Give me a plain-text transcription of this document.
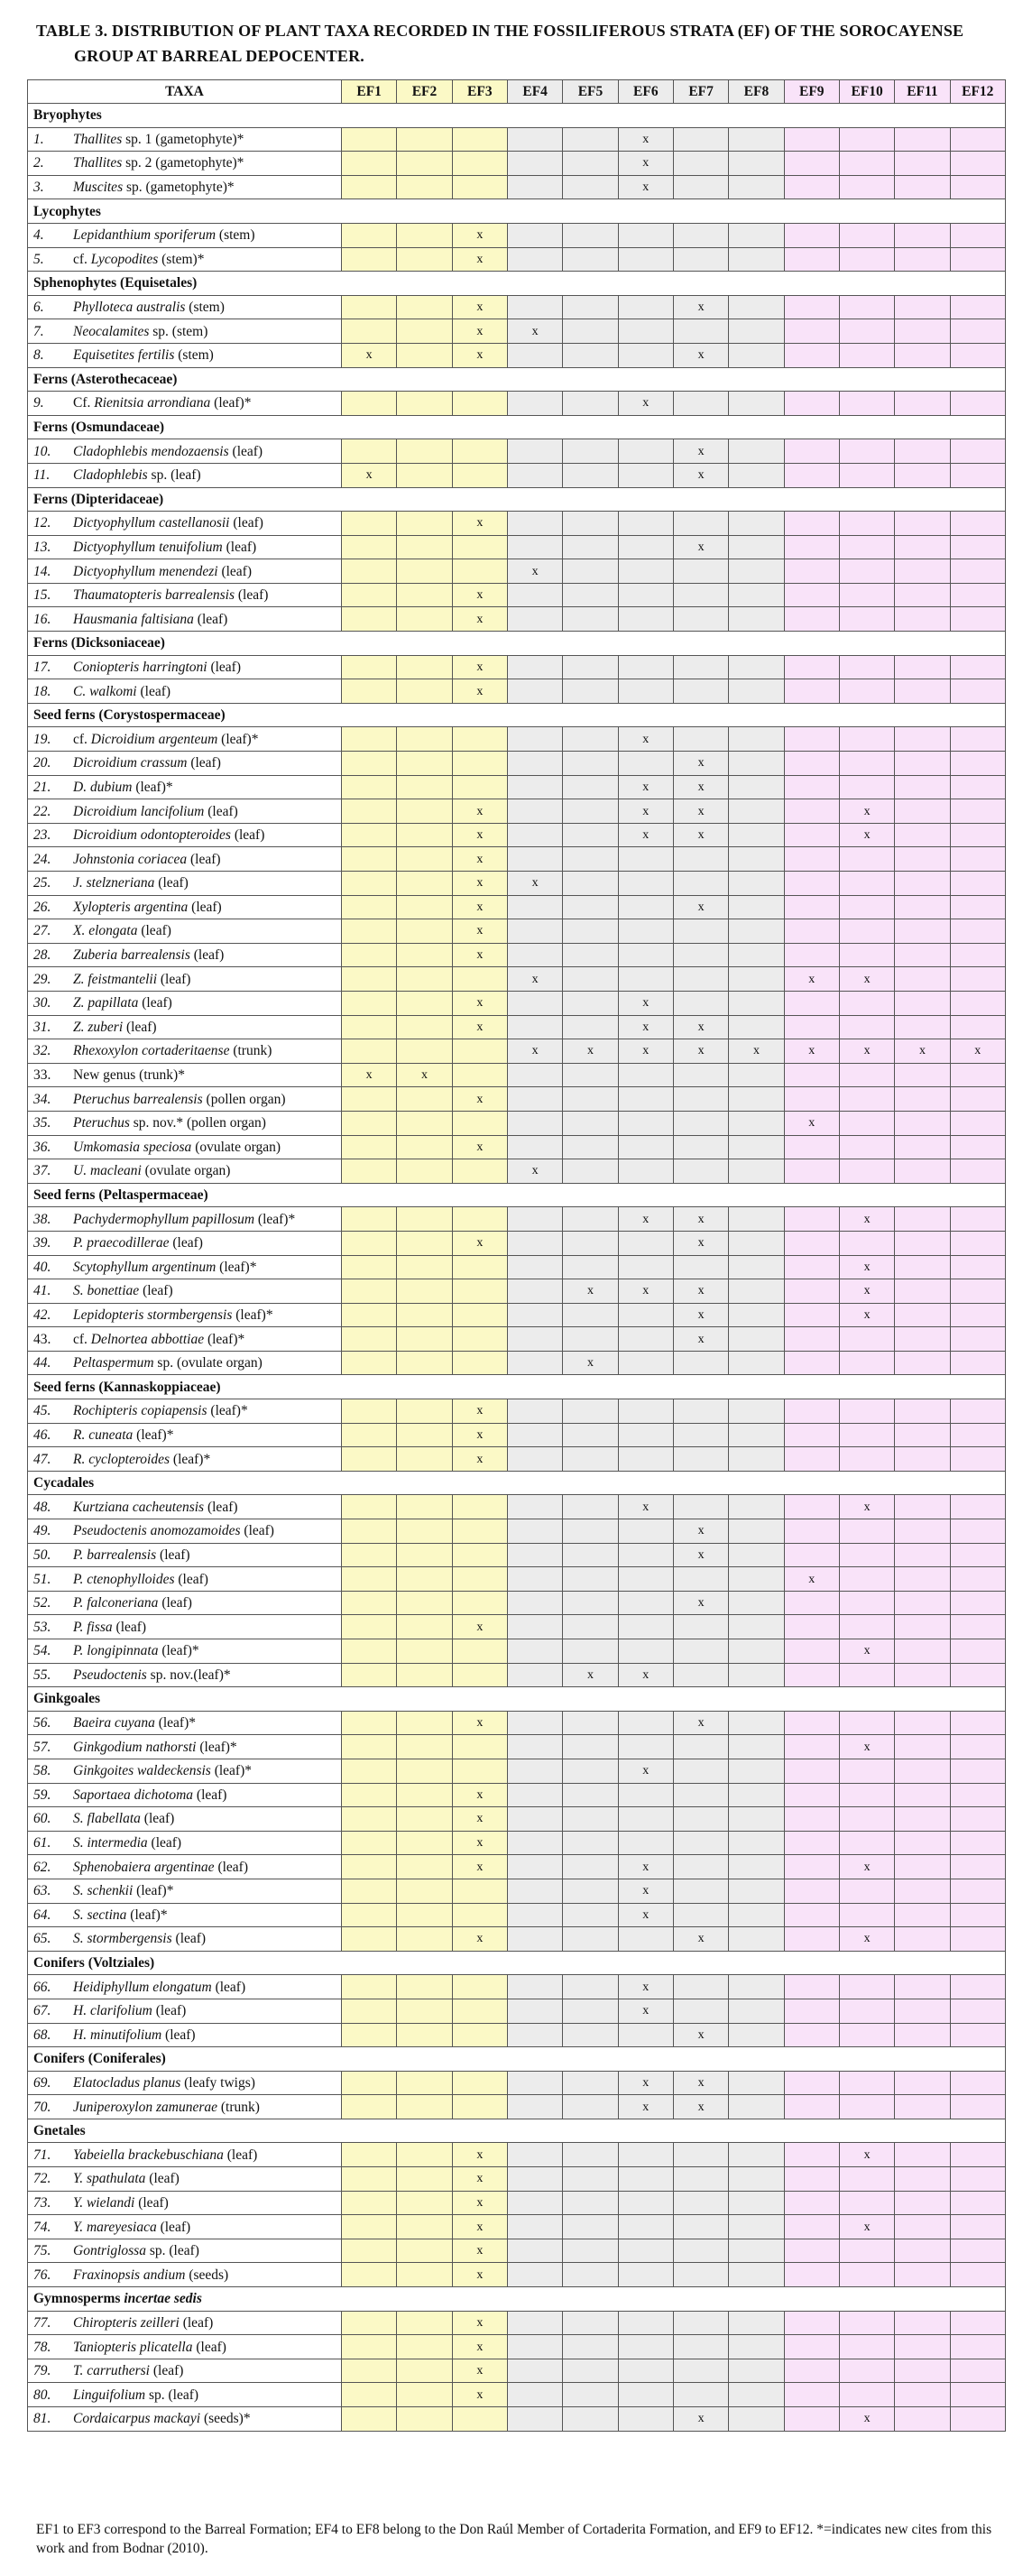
TABLE 3. DISTRIBUTION OF PLANT TAXA RECORDED IN THE FOSSILIFEROUS STRATA (EF) OF THE SOROCAYENSE
GROUP AT BARREAL DEPOCENTER.
TAXA	EF1	EF2	EF3	EF4	EF5	EF6	EF7	EF8	EF9	EF10	EF11	EF12
Bryophytes												
1. Thallites sp. 1 (gametophyte)*						x						
2. Thallites sp. 2 (gametophyte)*						x						
3. Muscites sp. (gametophyte)*						x						
Lycophytes												
4. Lepidanthium sporiferum (stem)			x									
5. cf. Lycopodites (stem)*			x									
Sphenophytes (Equisetales)												
6. Phylloteca australis (stem)			x				x					
7. Neocalamites sp. (stem)			x	x								
8. Equisetites fertilis (stem)	x		x				x					
Ferns (Asterothecaceae)												
9. Cf. Rienitsia arrondiana (leaf)*						x						
Ferns (Osmundaceae)												
10. Cladophlebis mendozaensis (leaf)							x					
11. Cladophlebis sp. (leaf)	x						x					
Ferns (Dipteridaceae)												
12. Dictyophyllum castellanosii (leaf)			x									
13. Dictyophyllum tenuifolium (leaf)							x					
14. Dictyophyllum menendezi (leaf)				x								
15. Thaumatopteris barrealensis (leaf)			x									
16. Hausmania faltisiana (leaf)			x									
Ferns (Dicksoniaceae)												
17. Coniopteris harringtoni (leaf)			x									
18. C. walkomi (leaf)			x									
Seed ferns (Corystospermaceae)												
19. cf. Dicroidium argenteum (leaf)*						x						
20. Dicroidium crassum (leaf)							x					
21. D. dubium (leaf)*						x	x					
22. Dicroidium lancifolium (leaf)			x			x	x			x		
23. Dicroidium odontopteroides (leaf)			x			x	x			x		
24. Johnstonia coriacea (leaf)			x									
25. J. stelzneriana (leaf)			x	x								
26. Xylopteris argentina (leaf)			x				x					
27. X. elongata (leaf)			x									
28. Zuberia barrealensis (leaf)			x									
29. Z. feistmantelii (leaf)				x					x	x		
30. Z. papillata (leaf)			x			x						
31. Z. zuberi (leaf)			x			x	x					
32. Rhexoxylon cortaderitaense (trunk)				x	x	x	x	x	x	x	x	x
33. New genus (trunk)*	x	x										
34. Pteruchus barrealensis (pollen organ)			x									
35. Pteruchus sp. nov.* (pollen organ)									x			
36. Umkomasia speciosa (ovulate organ)			x									
37. U. macleani (ovulate organ)				x								
Seed ferns (Peltaspermaceae)												
38. Pachydermophyllum papillosum (leaf)*						x	x			x		
39. P. praecodillerae (leaf)			x				x					
40. Scytophyllum argentinum (leaf)*										x		
41. S. bonettiae (leaf)					x	x	x			x		
42. Lepidopteris stormbergensis (leaf)*							x			x		
43. cf. Delnortea abbottiae (leaf)*							x					
44. Peltaspermum sp. (ovulate organ)					x							
Seed ferns (Kannaskoppiaceae)												
45. Rochipteris copiapensis (leaf)*			x									
46. R. cuneata (leaf)*			x									
47. R. cyclopteroides (leaf)*			x									
Cycadales												
48. Kurtziana cacheutensis (leaf)						x				x		
49. Pseudoctenis anomozamoides (leaf)							x					
50. P. barrealensis (leaf)							x					
51. P. ctenophylloides (leaf)									x			
52. P. falconeriana (leaf)							x					
53. P. fissa (leaf)			x									
54. P. longipinnata (leaf)*										x		
55. Pseudoctenis sp. nov.(leaf)*					x	x						
Ginkgoales												
56. Baeira cuyana (leaf)*			x				x					
57. Ginkgodium nathorsti (leaf)*										x		
58. Ginkgoites waldeckensis (leaf)*						x						
59. Saportaea dichotoma (leaf)			x									
60. S. flabellata (leaf)			x									
61. S. intermedia (leaf)			x									
62. Sphenobaiera argentinae (leaf)			x			x				x		
63. S. schenkii (leaf)*						x						
64. S. sectina (leaf)*						x						
65. S. stormbergensis (leaf)			x				x			x		
Conifers (Voltziales)												
66. Heidiphyllum elongatum (leaf)						x						
67. H. clarifolium (leaf)						x						
68. H. minutifolium (leaf)							x					
Conifers (Coniferales)												
69. Elatocladus planus (leafy twigs)						x	x					
70. Juniperoxylon zamunerae (trunk)						x	x					
Gnetales												
71. Yabeiella brackebuschiana (leaf)			x							x		
72. Y. spathulata (leaf)			x									
73. Y. wielandi (leaf)			x									
74. Y. mareyesiaca (leaf)			x							x		
75. Gontriglossa sp. (leaf)			x									
76. Fraxinopsis andium (seeds)			x									
Gymnosperms incertae sedis												
77. Chiropteris zeilleri (leaf)			x									
78. Taniopteris plicatella (leaf)			x									
79. T. carruthersi (leaf)			x									
80. Linguifolium sp. (leaf)			x									
81. Cordaicarpus mackayi (seeds)*							x			x		
EF1 to EF3 correspond to the Barreal Formation; EF4 to EF8 belong to the Don Raúl Member of Cortaderita Formation, and EF9 to EF12. *=indicates new cites from this work and from Bodnar (2010).
